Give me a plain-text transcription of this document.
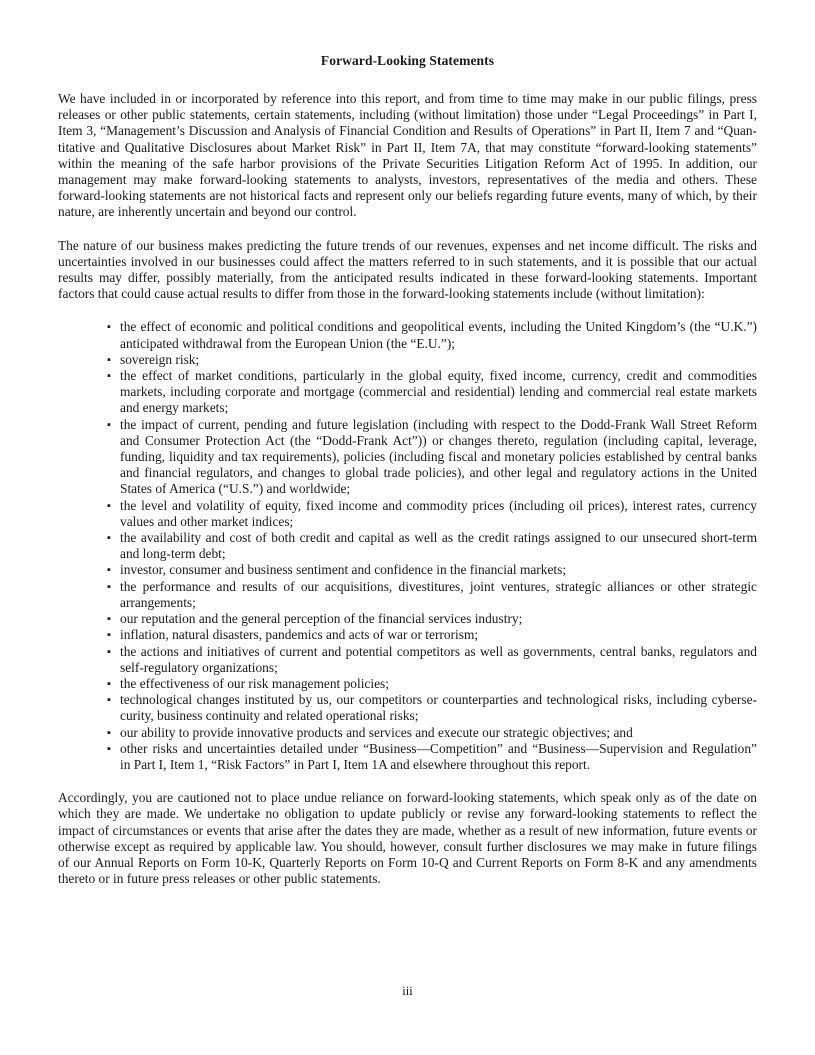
Forward-Looking Statements
We have included in or incorporated by reference into this report, and from time to time may make in our public filings, press
releases or other public statements, certain statements, including (without limitation) those under “Legal Proceedings” in Part I,
Item 3, “Management’s Discussion and Analysis of Financial Condition and Results of Operations” in Part II, Item 7 and “Quan-
titative and Qualitative Disclosures about Market Risk” in Part II, Item 7A, that may constitute “forward-looking statements”
within the meaning of the safe harbor provisions of the Private Securities Litigation Reform Act of 1995. In addition, our
management may make forward-looking statements to analysts, investors, representatives of the media and others. These
forward-looking statements are not historical facts and represent only our beliefs regarding future events, many of which, by their
nature, are inherently uncertain and beyond our control.
The nature of our business makes predicting the future trends of our revenues, expenses and net income difficult. The risks and
uncertainties involved in our businesses could affect the matters referred to in such statements, and it is possible that our actual
results may differ, possibly materially, from the anticipated results indicated in these forward-looking statements. Important
factors that could cause actual results to differ from those in the forward-looking statements include (without limitation):
▪ the effect of economic and political conditions and geopolitical events, including the United Kingdom’s (the “U.K.”)
anticipated withdrawal from the European Union (the “E.U.”);
▪ sovereign risk;
▪ the effect of market conditions, particularly in the global equity, fixed income, currency, credit and commodities
markets, including corporate and mortgage (commercial and residential) lending and commercial real estate markets
and energy markets;
▪ the impact of current, pending and future legislation (including with respect to the Dodd-Frank Wall Street Reform
and Consumer Protection Act (the “Dodd-Frank Act”)) or changes thereto, regulation (including capital, leverage,
funding, liquidity and tax requirements), policies (including fiscal and monetary policies established by central banks
and financial regulators, and changes to global trade policies), and other legal and regulatory actions in the United
States of America (“U.S.”) and worldwide;
▪ the level and volatility of equity, fixed income and commodity prices (including oil prices), interest rates, currency
values and other market indices;
▪ the availability and cost of both credit and capital as well as the credit ratings assigned to our unsecured short-term
and long-term debt;
▪ investor, consumer and business sentiment and confidence in the financial markets;
▪ the performance and results of our acquisitions, divestitures, joint ventures, strategic alliances or other strategic
arrangements;
▪ our reputation and the general perception of the financial services industry;
▪ inflation, natural disasters, pandemics and acts of war or terrorism;
▪ the actions and initiatives of current and potential competitors as well as governments, central banks, regulators and
self-regulatory organizations;
▪ the effectiveness of our risk management policies;
▪ technological changes instituted by us, our competitors or counterparties and technological risks, including cyberse-
curity, business continuity and related operational risks;
▪ our ability to provide innovative products and services and execute our strategic objectives; and
▪ other risks and uncertainties detailed under “Business—Competition” and “Business—Supervision and Regulation”
in Part I, Item 1, “Risk Factors” in Part I, Item 1A and elsewhere throughout this report.
Accordingly, you are cautioned not to place undue reliance on forward-looking statements, which speak only as of the date on
which they are made. We undertake no obligation to update publicly or revise any forward-looking statements to reflect the
impact of circumstances or events that arise after the dates they are made, whether as a result of new information, future events or
otherwise except as required by applicable law. You should, however, consult further disclosures we may make in future filings
of our Annual Reports on Form 10-K, Quarterly Reports on Form 10-Q and Current Reports on Form 8-K and any amendments
thereto or in future press releases or other public statements.
iii
